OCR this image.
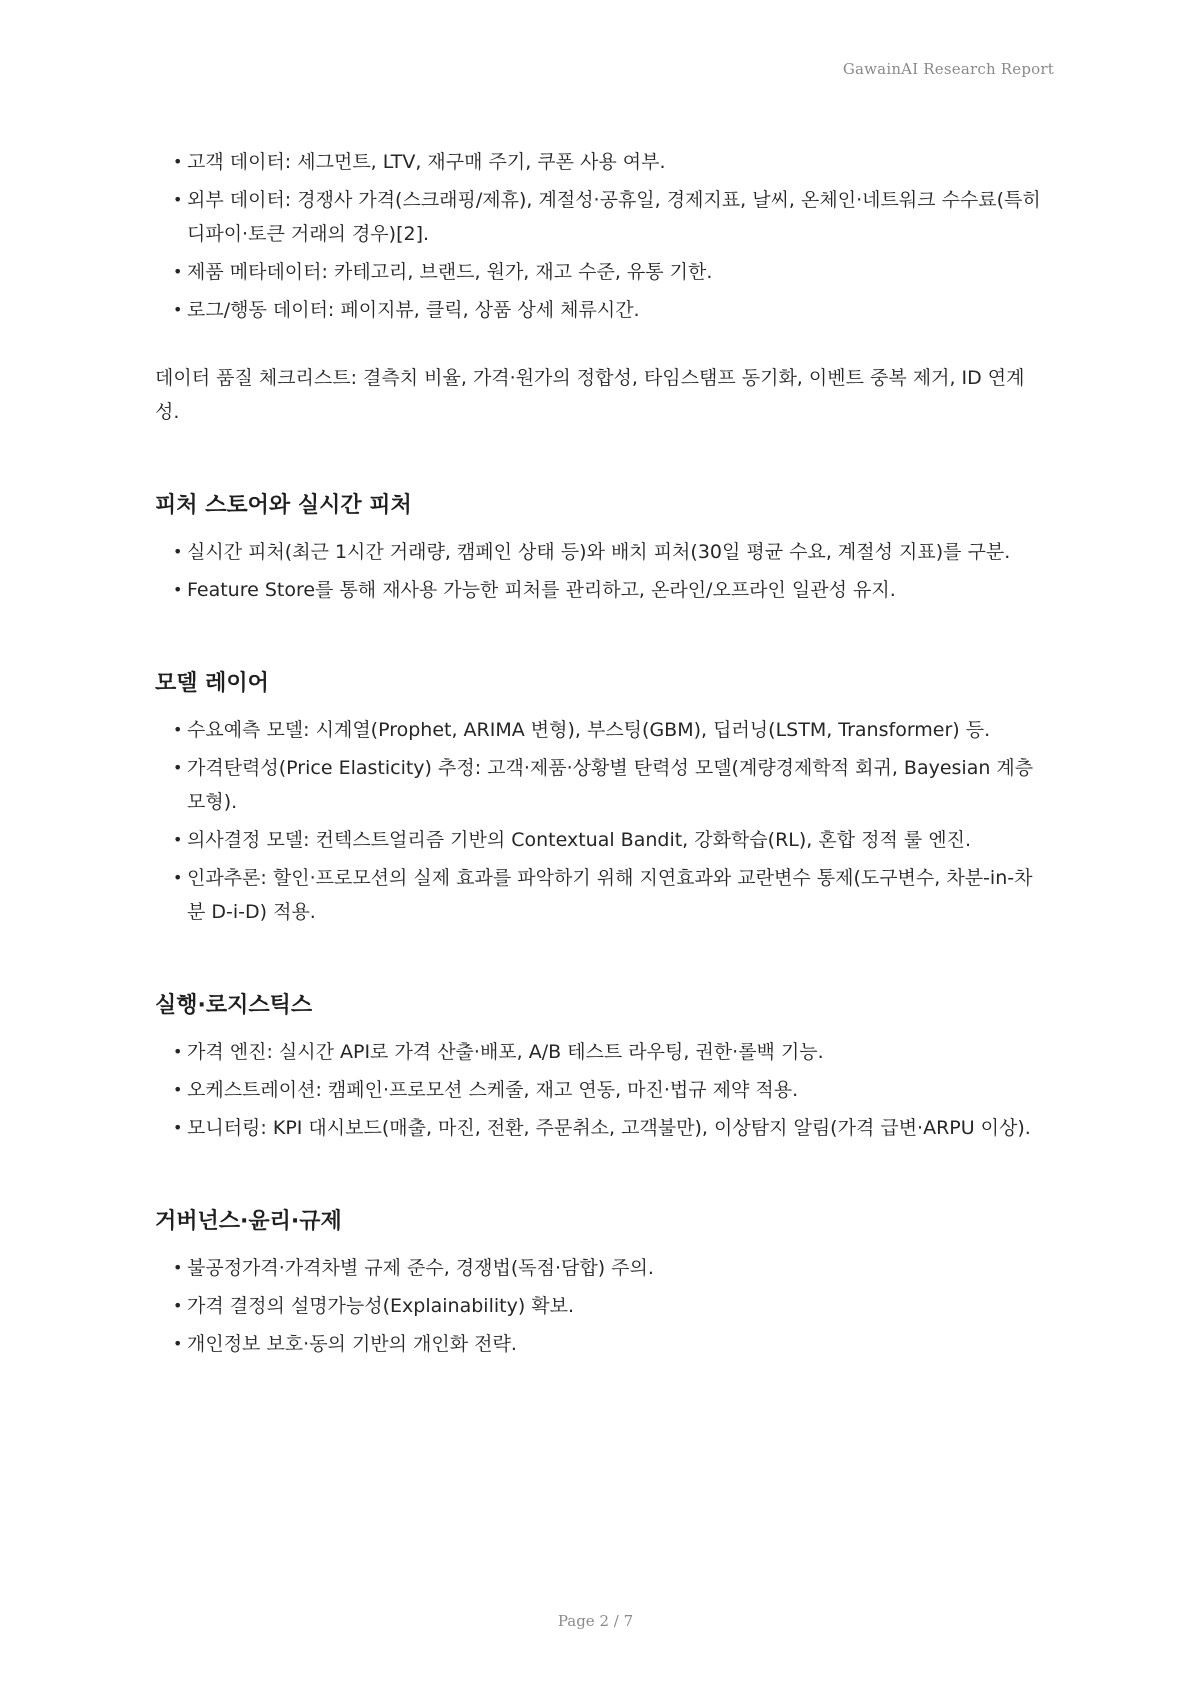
GawainAI Research Report
• 고객 데이터: 세그먼트, LTV, 재구매 주기, 쿠폰 사용 여부.
• 외부 데이터: 경쟁사 가격(스크래핑/제휴), 계절성·공휴일, 경제지표, 날씨, 온체인·네트워크 수수료(특히 디파이·토큰 거래의 경우)[2].
• 제품 메타데이터: 카테고리, 브랜드, 원가, 재고 수준, 유통 기한.
• 로그/행동 데이터: 페이지뷰, 클릭, 상품 상세 체류시간.

데이터 품질 체크리스트: 결측치 비율, 가격·원가의 정합성, 타임스탬프 동기화, 이벤트 중복 제거, ID 연계성.

피처 스토어와 실시간 피처
• 실시간 피처(최근 1시간 거래량, 캠페인 상태 등)와 배치 피처(30일 평균 수요, 계절성 지표)를 구분.
• Feature Store를 통해 재사용 가능한 피처를 관리하고, 온라인/오프라인 일관성 유지.
모델 레이어
• 수요예측 모델: 시계열(Prophet, ARIMA 변형), 부스팅(GBM), 딥러닝(LSTM, Transformer) 등.
• 가격탄력성(Price Elasticity) 추정: 고객·제품·상황별 탄력성 모델(계량경제학적 회귀, Bayesian 계층 모형).
• 의사결정 모델: 컨텍스트얼리즘 기반의 Contextual Bandit, 강화학습(RL), 혼합 정적 룰 엔진.
• 인과추론: 할인·프로모션의 실제 효과를 파악하기 위해 지연효과와 교란변수 통제(도구변수, 차분-in-차분 D-i-D) 적용.
실행·로지스틱스
• 가격 엔진: 실시간 API로 가격 산출·배포, A/B 테스트 라우팅, 권한·롤백 기능.
• 오케스트레이션: 캠페인·프로모션 스케줄, 재고 연동, 마진·법규 제약 적용.
• 모니터링: KPI 대시보드(매출, 마진, 전환, 주문취소, 고객불만), 이상탐지 알림(가격 급변·ARPU 이상).
거버넌스·윤리·규제
• 불공정가격·가격차별 규제 준수, 경쟁법(독점·담합) 주의.
• 가격 결정의 설명가능성(Explainability) 확보.
• 개인정보 보호·동의 기반의 개인화 전략.
Page 2 / 7
